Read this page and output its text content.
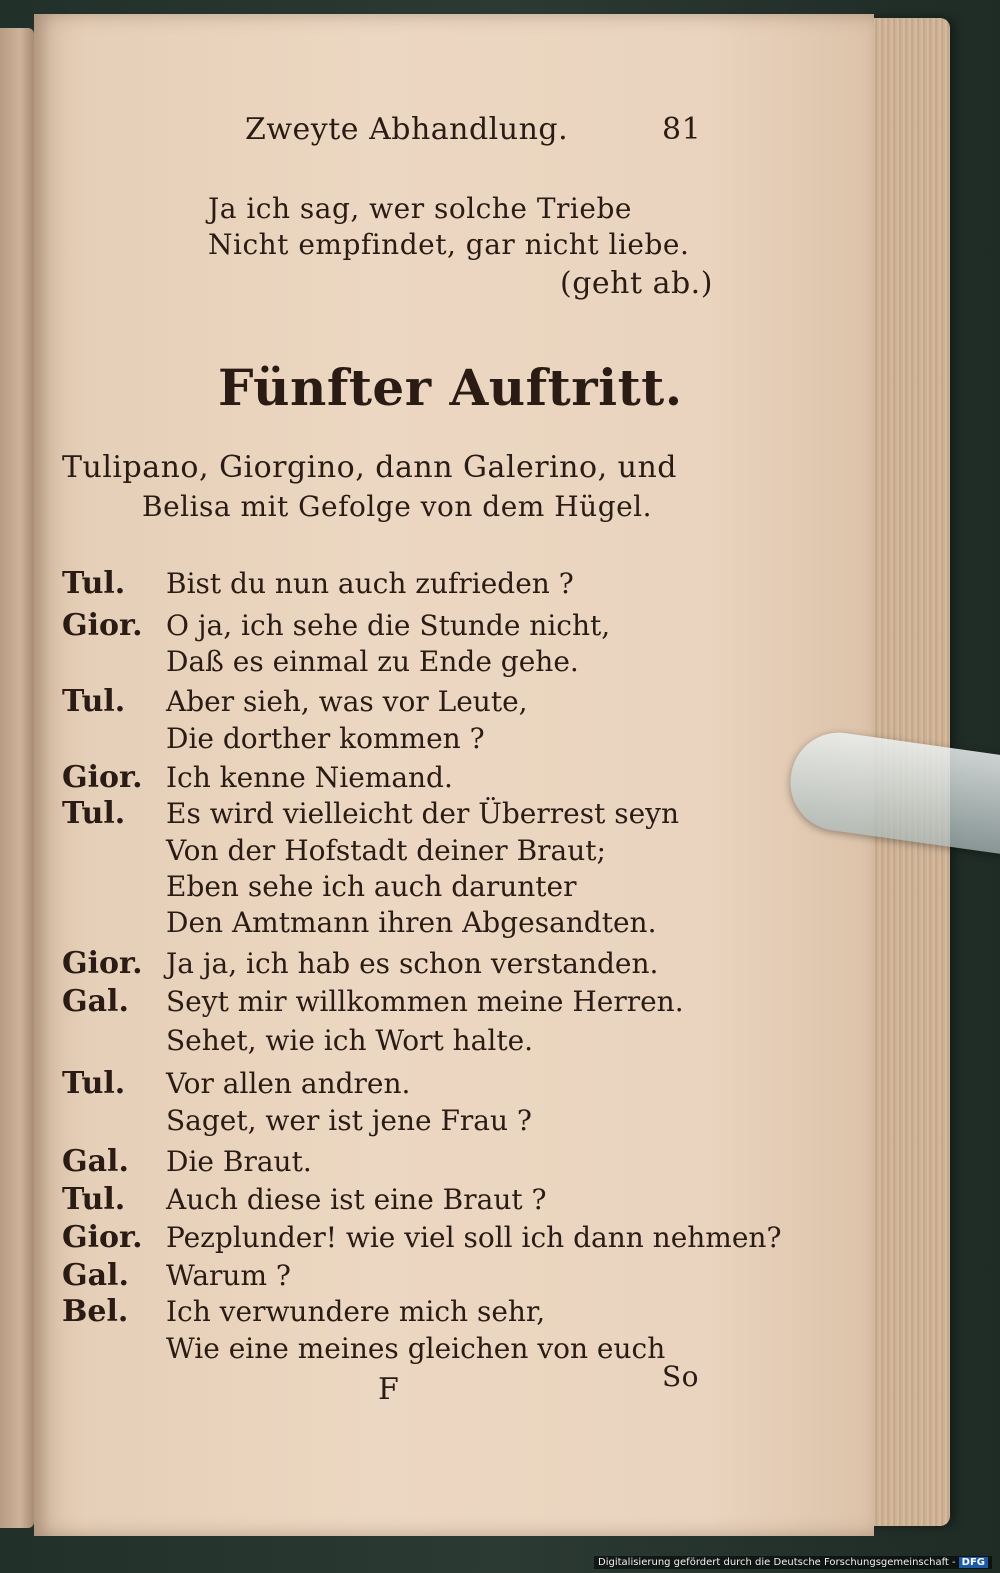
Zweyte Abhandlung.	81
Ja ich sag, wer solche Triebe
Nicht empfindet, gar nicht liebe.
(geht ab.)
Fünfter Auftritt.
Tulipano, Giorgino, dann Galerino, und
Belisa mit Gefolge von dem Hügel.
Tul. Bist du nun auch zufrieden ?
Gior. O ja, ich sehe die Stunde nicht,
Daß es einmal zu Ende gehe.
Tul. Aber sieh, was vor Leute,
Die dorther kommen ?
Gior. Ich kenne Niemand.
Tul. Es wird vielleicht der Überrest seyn
Von der Hofstadt deiner Braut;
Eben sehe ich auch darunter
Den Amtmann ihren Abgesandten.
Gior. Ja ja, ich hab es schon verstanden.
Gal. Seyt mir willkommen meine Herren.
Sehet, wie ich Wort halte.
Tul. Vor allen andren.
Saget, wer ist jene Frau ?
Gal. Die Braut.
Tul. Auch diese ist eine Braut ?
Gior. Pezplunder! wie viel soll ich dann nehmen?
Gal. Warum ?
Bel. Ich verwundere mich sehr,
Wie eine meines gleichen von euch
F	So
Digitalisierung gefördert durch die Deutsche Forschungsgemeinschaft - DFG
